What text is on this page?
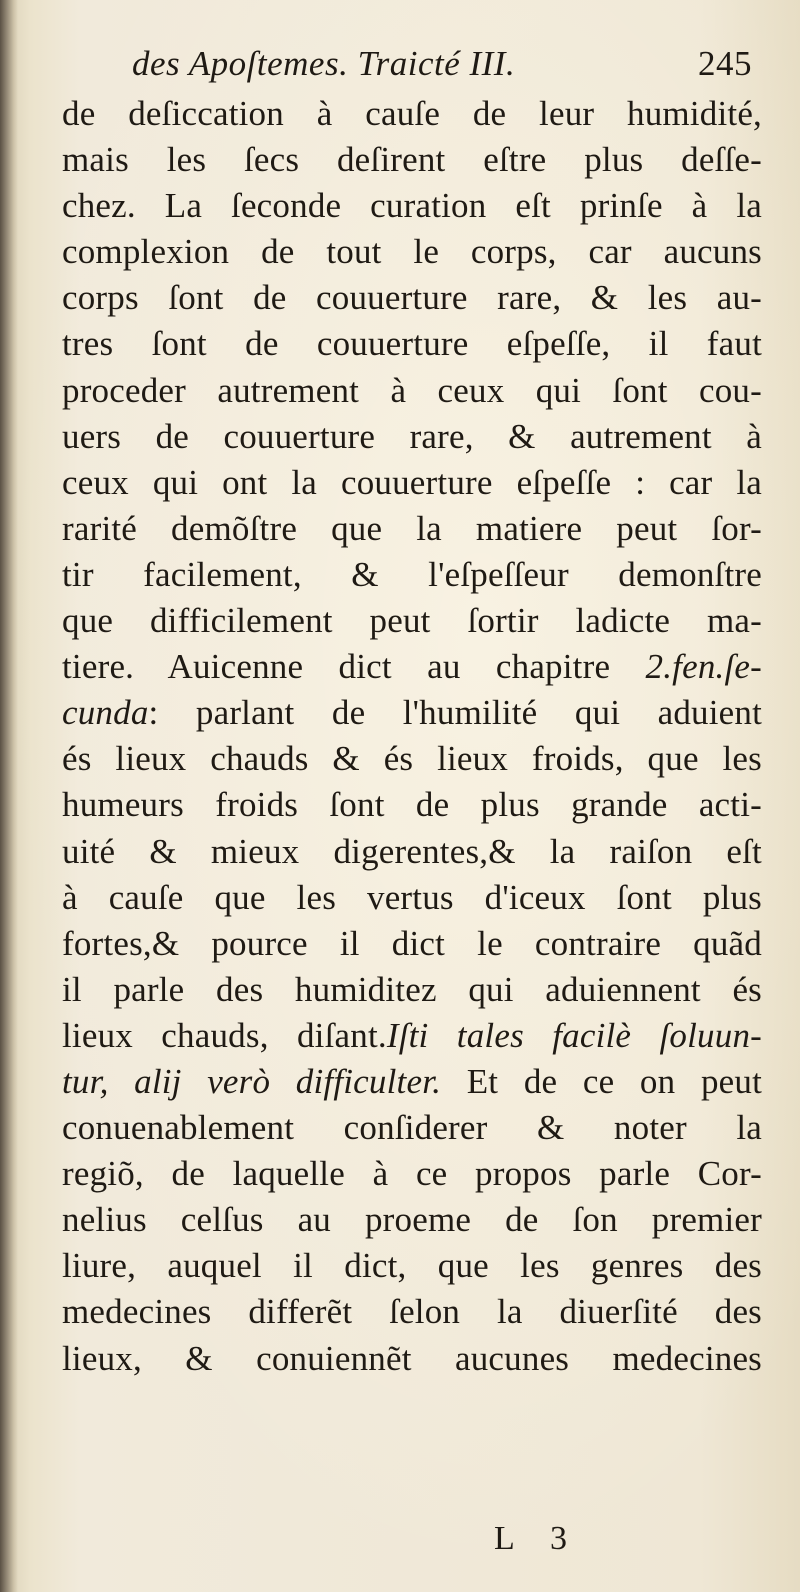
des Apoſtemes. Traicté III.	245
de deſiccation à cauſe de leur humidité,
mais les ſecs deſirent eſtre plus deſſe-
chez. La ſeconde curation eſt prinſe à la
complexion de tout le corps, car aucuns
corps ſont de couuerture rare, & les au-
tres ſont de couuerture eſpeſſe, il faut
proceder autrement à ceux qui ſont cou-
uers de couuerture rare, & autrement à
ceux qui ont la couuerture eſpeſſe : car la
rarité demõſtre que la matiere peut ſor-
tir facilement, & l'eſpeſſeur demonſtre
que difficilement peut ſortir ladicte ma-
tiere. Auicenne dict au chapitre 2.fen.ſe-
cunda: parlant de l'humilité qui aduient
és lieux chauds & és lieux froids, que les
humeurs froids ſont de plus grande acti-
uité & mieux digerentes,& la raiſon eſt
à cauſe que les vertus d'iceux ſont plus
fortes,& pource il dict le contraire quãd
il parle des humiditez qui aduiennent és
lieux chauds, diſant.Iſti tales facilè ſoluun-
tur, alij verò difficulter. Et de ce on peut
conuenablement conſiderer & noter la
regiõ, de laquelle à ce propos parle Cor-
nelius celſus au proeme de ſon premier
liure, auquel il dict, que les genres des
medecines differẽt ſelon la diuerſité des
lieux, & conuiennẽt aucunes medecines
L 3
